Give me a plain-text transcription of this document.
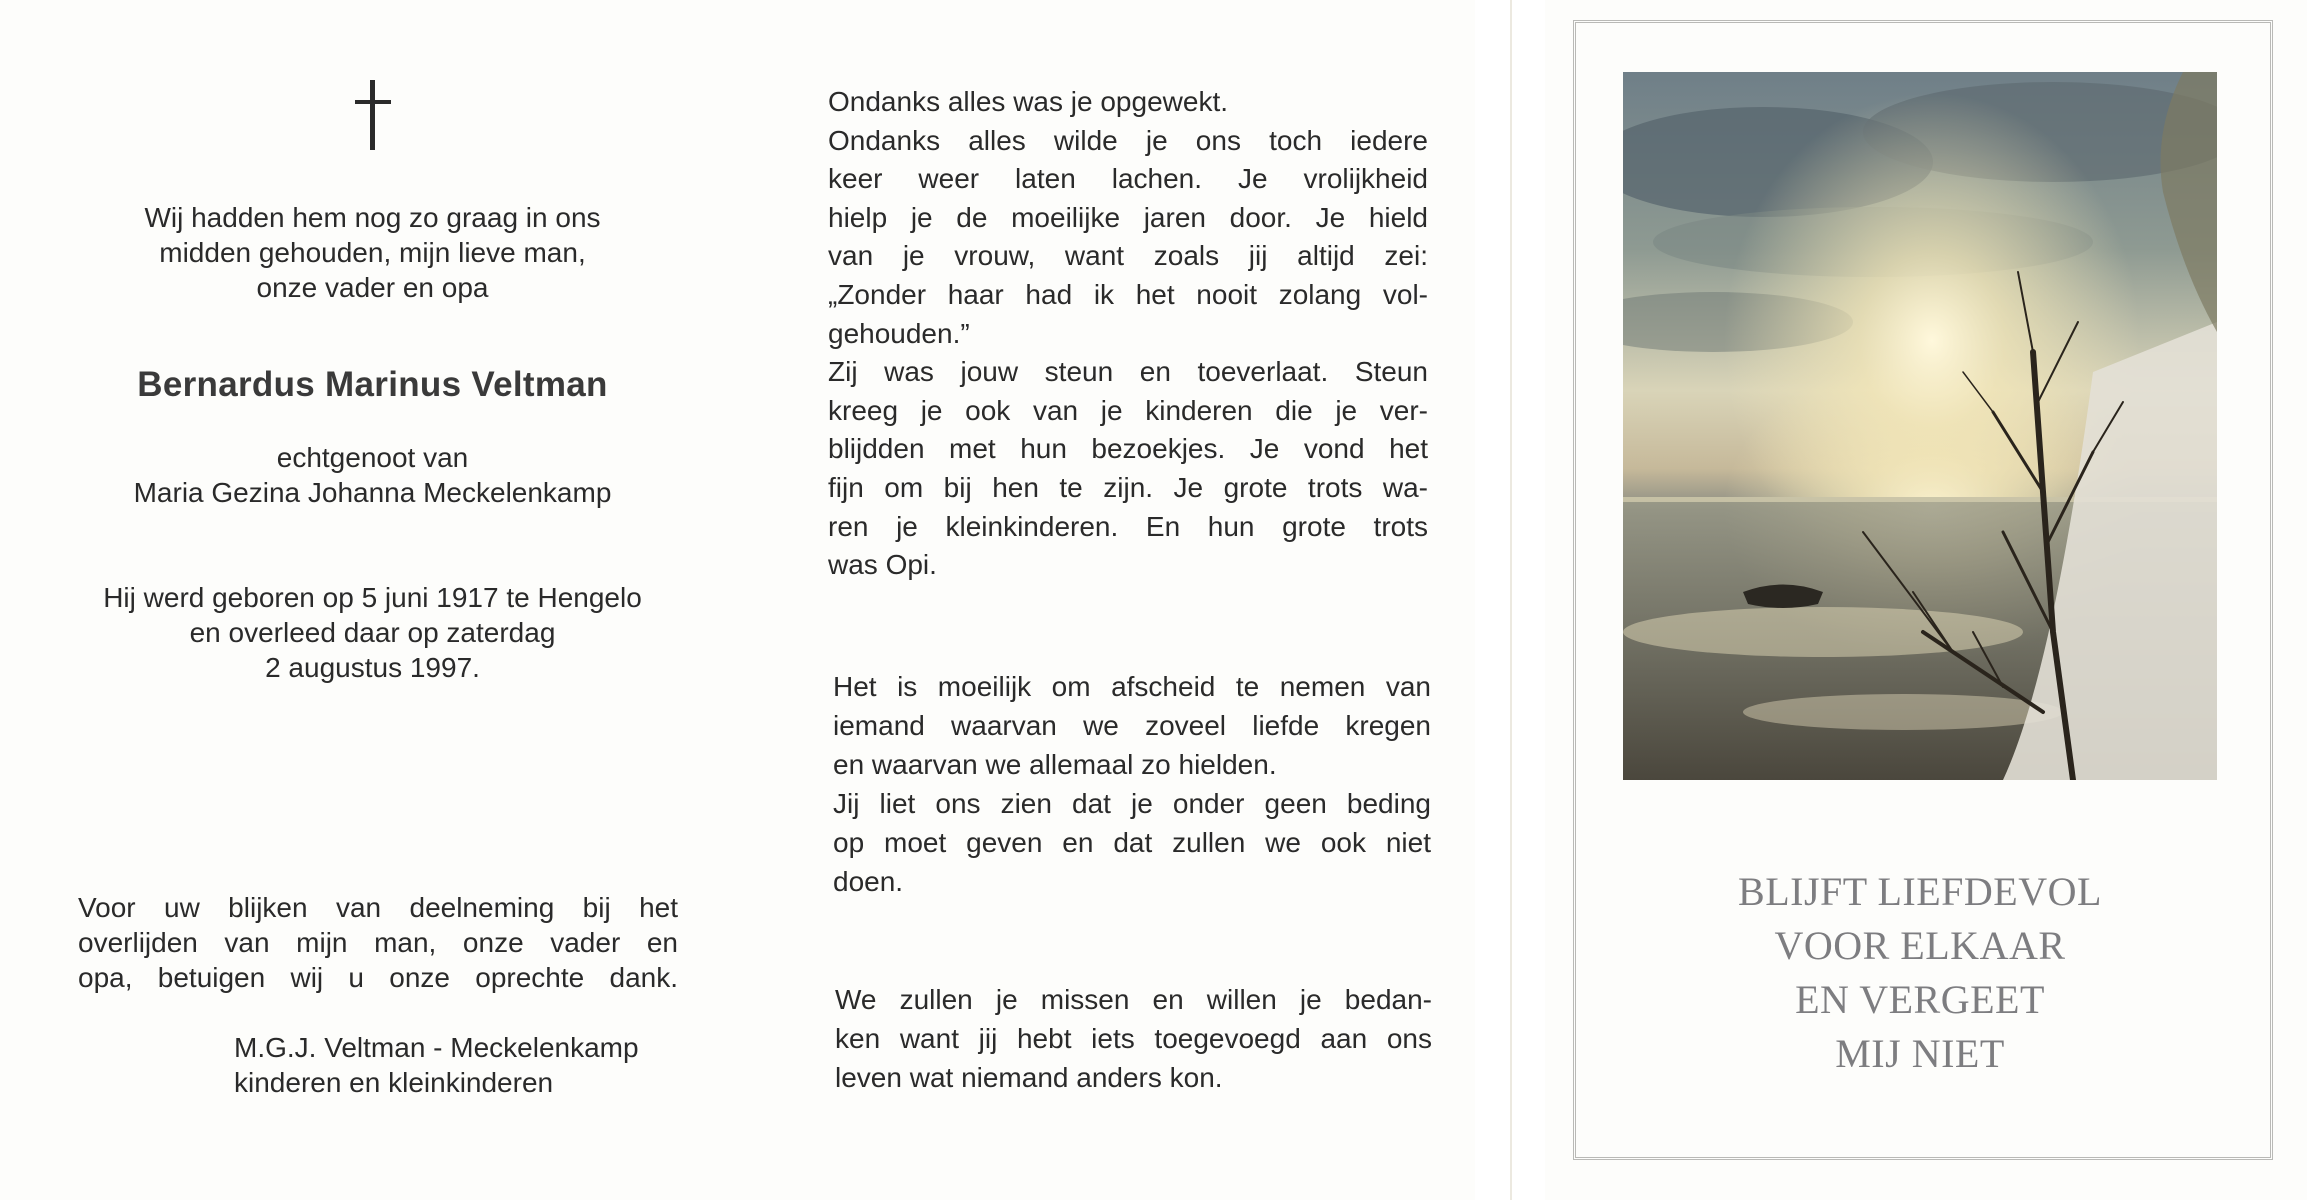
Wij hadden hem nog zo graag in ons
midden gehouden, mijn lieve man,
onze vader en opa
Bernardus Marinus Veltman
echtgenoot van
Maria Gezina Johanna Meckelenkamp
Hij werd geboren op 5 juni 1917 te Hengelo
en overleed daar op zaterdag
2 augustus 1997.
Voor uw blijken van deelneming bij het
overlijden van mijn man, onze vader en
opa, betuigen wij u onze oprechte dank.
M.G.J. Veltman - Meckelenkamp
kinderen en kleinkinderen
Ondanks alles was je opgewekt.
Ondanks alles wilde je ons toch iedere
keer weer laten lachen. Je vrolijkheid
hielp je de moeilijke jaren door. Je hield
van je vrouw, want zoals jij altijd zei:
„Zonder haar had ik het nooit zolang vol-
gehouden.”
Zij was jouw steun en toeverlaat. Steun
kreeg je ook van je kinderen die je ver-
blijdden met hun bezoekjes. Je vond het
fijn om bij hen te zijn. Je grote trots wa-
ren je kleinkinderen. En hun grote trots
was Opi.
Het is moeilijk om afscheid te nemen van
iemand waarvan we zoveel liefde kregen
en waarvan we allemaal zo hielden.
Jij liet ons zien dat je onder geen beding
op moet geven en dat zullen we ook niet
doen.
We zullen je missen en willen je bedan-
ken want jij hebt iets toegevoegd aan ons
leven wat niemand anders kon.
BLIJFT LIEFDEVOL
VOOR ELKAAR
EN VERGEET
MIJ NIET
